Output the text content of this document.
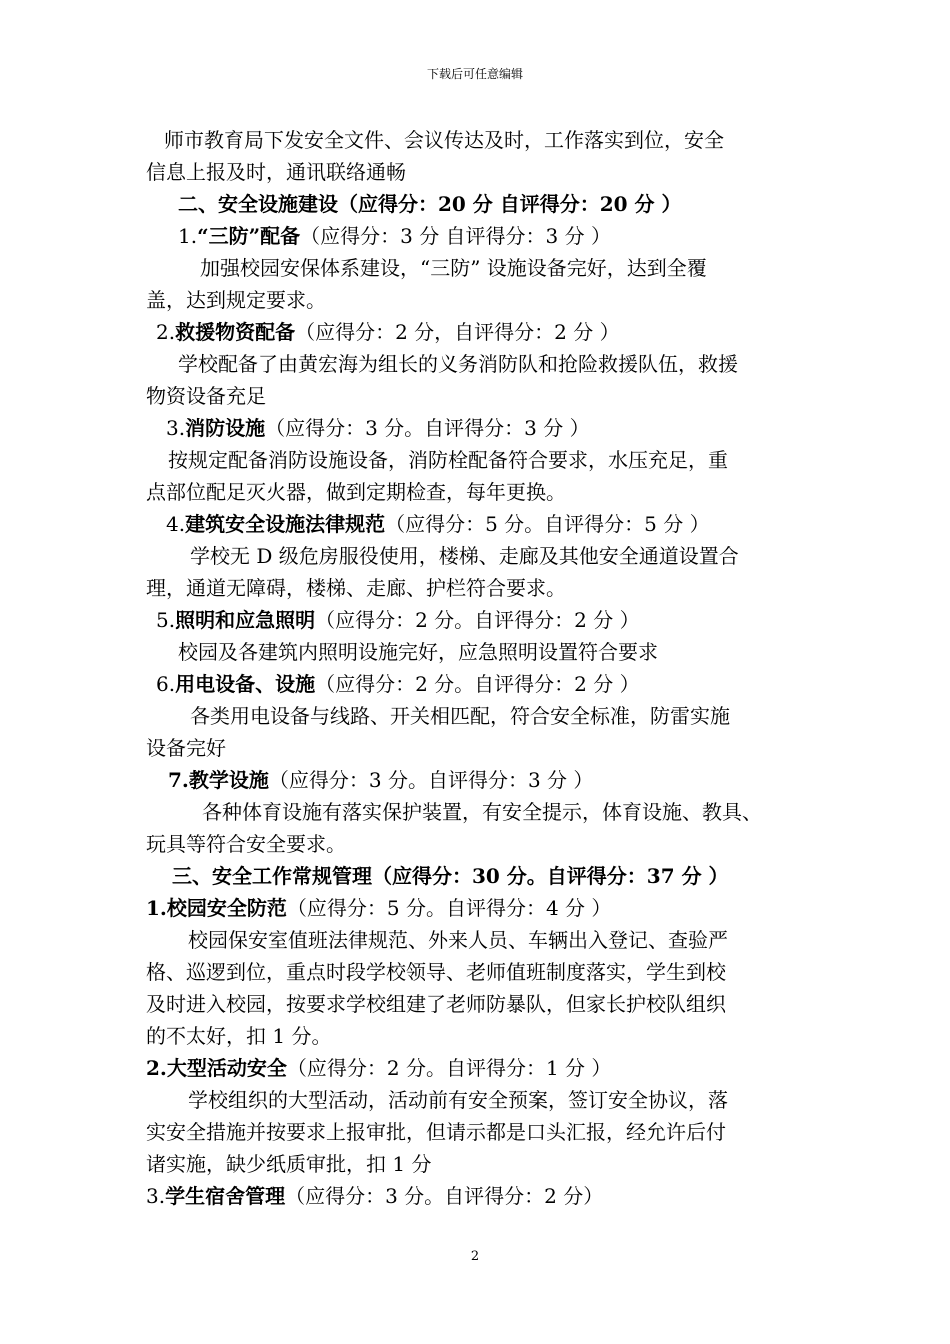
下载后可任意编辑
师市教育局下发安全文件、会议传达及时，工作落实到位，安全
信息上报及时，通讯联络通畅
二、安全设施建设（应得分：20 分 自评得分：20 分 ）
1.“三防”配备（应得分：3 分 自评得分：3 分 ）
加强校园安保体系建设，“三防” 设施设备完好，达到全覆
盖，达到规定要求。
2.救援物资配备（应得分：2 分，自评得分：2 分 ）
学校配备了由黄宏海为组长的义务消防队和抢险救援队伍，救援
物资设备充足
3.消防设施（应得分：3 分。自评得分：3 分 ）
按规定配备消防设施设备，消防栓配备符合要求，水压充足，重
点部位配足灭火器，做到定期检查，每年更换。
4.建筑安全设施法律规范（应得分：5 分。自评得分：5 分 ）
学校无 D 级危房服役使用，楼梯、走廊及其他安全通道设置合
理，通道无障碍，楼梯、走廊、护栏符合要求。
5.照明和应急照明（应得分：2 分。自评得分：2 分 ）
校园及各建筑内照明设施完好，应急照明设置符合要求
6.用电设备、设施（应得分：2 分。自评得分：2 分 ）
各类用电设备与线路、开关相匹配，符合安全标准，防雷实施
设备完好
7.教学设施（应得分：3 分。自评得分：3 分 ）
各种体育设施有落实保护装置，有安全提示，体育设施、教具、
玩具等符合安全要求。
三、安全工作常规管理（应得分：30 分。自评得分：37 分 ）
1.校园安全防范（应得分：5 分。自评得分：4 分 ）
校园保安室值班法律规范、外来人员、车辆出入登记、查验严
格、巡逻到位，重点时段学校领导、老师值班制度落实，学生到校
及时进入校园，按要求学校组建了老师防暴队，但家长护校队组织
的不太好，扣 1 分。
2.大型活动安全（应得分：2 分。自评得分：1 分 ）
学校组织的大型活动，活动前有安全预案，签订安全协议，落
实安全措施并按要求上报审批，但请示都是口头汇报，经允许后付
诸实施，缺少纸质审批，扣 1 分
3.学生宿舍管理（应得分：3 分。自评得分：2 分）
2
